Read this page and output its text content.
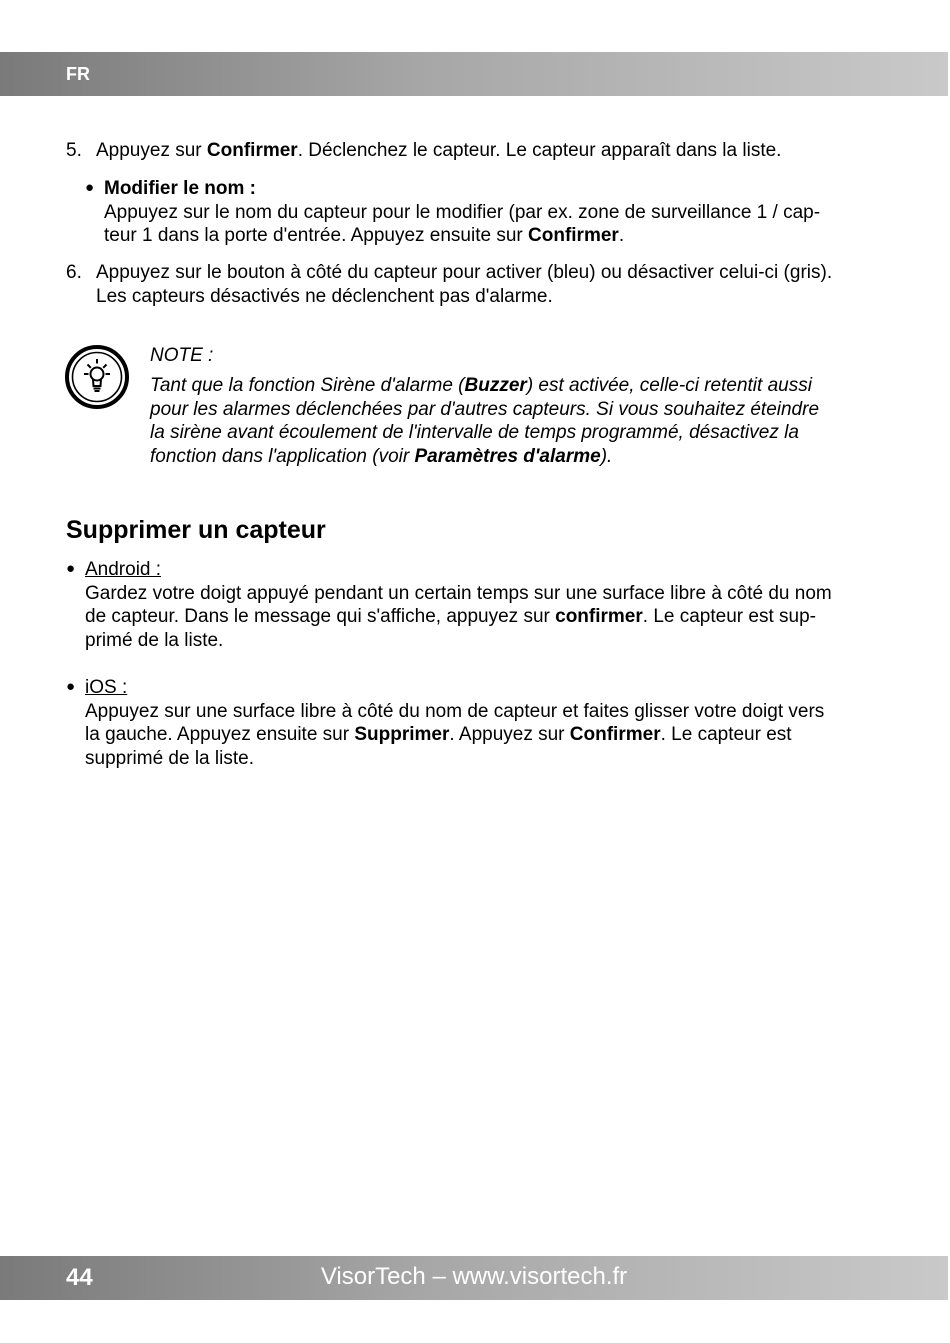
FR
5. Appuyez sur Confirmer. Déclenchez le capteur. Le capteur apparaît dans la liste.
● Modifier le nom :
Appuyez sur le nom du capteur pour le modifier (par ex. zone de surveillance 1 / cap-
teur 1 dans la porte d'entrée. Appuyez ensuite sur Confirmer.
6. Appuyez sur le bouton à côté du capteur pour activer (bleu) ou désactiver celui-ci (gris).
Les capteurs désactivés ne déclenchent pas d'alarme.
NOTE :
Tant que la fonction Sirène d'alarme (Buzzer) est activée, celle-ci retentit aussi
pour les alarmes déclenchées par d'autres capteurs. Si vous souhaitez éteindre
la sirène avant écoulement de l'intervalle de temps programmé, désactivez la
fonction dans l'application (voir Paramètres d'alarme).
Supprimer un capteur
● Android :
Gardez votre doigt appuyé pendant un certain temps sur une surface libre à côté du nom
de capteur. Dans le message qui s'affiche, appuyez sur confirmer. Le capteur est sup-
primé de la liste.
● iOS :
Appuyez sur une surface libre à côté du nom de capteur et faites glisser votre doigt vers
la gauche. Appuyez ensuite sur Supprimer. Appuyez sur Confirmer. Le capteur est
supprimé de la liste.
44	VisorTech – www.visortech.fr
